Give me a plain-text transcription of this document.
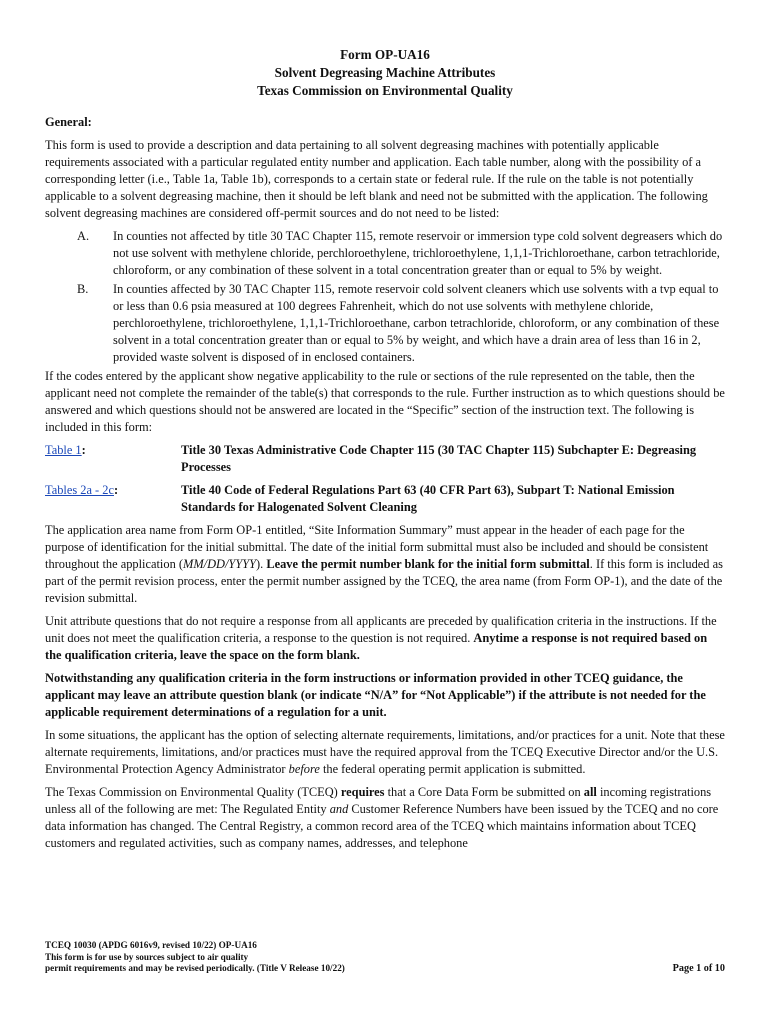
Form OP-UA16
Solvent Degreasing Machine Attributes
Texas Commission on Environmental Quality
General:

This form is used to provide a description and data pertaining to all solvent degreasing machines with potentially applicable requirements associated with a particular regulated entity number and application. Each table number, along with the possibility of a corresponding letter (i.e., Table 1a, Table 1b), corresponds to a certain state or federal rule. If the rule on the table is not potentially applicable to a solvent degreasing machine, then it should be left blank and need not be submitted with the application. The following solvent degreasing machines are considered off-permit sources and do not need to be listed:

A.	In counties not affected by title 30 TAC Chapter 115, remote reservoir or immersion type cold solvent degreasers which do not use solvent with methylene chloride, perchloroethylene, trichloroethylene, 1,1,1-Trichloroethane, carbon tetrachloride, chloroform, or any combination of these solvent in a total concentration greater than or equal to 5% by weight.
B.	In counties affected by 30 TAC Chapter 115, remote reservoir cold solvent cleaners which use solvents with a tvp equal to or less than 0.6 psia measured at 100 degrees Fahrenheit, which do not use solvents with methylene chloride, perchloroethylene, trichloroethylene, 1,1,1-Trichloroethane, carbon tetrachloride, chloroform, or any combination of these solvent in a total concentration greater than or equal to 5% by weight, and which have a drain area of less than 16 in 2, provided waste solvent is disposed of in enclosed containers.

If the codes entered by the applicant show negative applicability to the rule or sections of the rule represented on the table, then the applicant need not complete the remainder of the table(s) that corresponds to the rule. Further instruction as to which questions should be answered and which questions should not be answered are located in the “Specific” section of the instruction text. The following is included in this form:

Table 1:	Title 30 Texas Administrative Code Chapter 115 (30 TAC Chapter 115) Subchapter E: Degreasing Processes
Tables 2a - 2c:	Title 40 Code of Federal Regulations Part 63 (40 CFR Part 63), Subpart T: National Emission Standards for Halogenated Solvent Cleaning

The application area name from Form OP-1 entitled, “Site Information Summary” must appear in the header of each page for the purpose of identification for the initial submittal. The date of the initial form submittal must also be included and should be consistent throughout the application (MM/DD/YYYY). Leave the permit number blank for the initial form submittal. If this form is included as part of the permit revision process, enter the permit number assigned by the TCEQ, the area name (from Form OP-1), and the date of the revision submittal.

Unit attribute questions that do not require a response from all applicants are preceded by qualification criteria in the instructions. If the unit does not meet the qualification criteria, a response to the question is not required. Anytime a response is not required based on the qualification criteria, leave the space on the form blank.

Notwithstanding any qualification criteria in the form instructions or information provided in other TCEQ guidance, the applicant may leave an attribute question blank (or indicate “N/A” for “Not Applicable”) if the attribute is not needed for the applicable requirement determinations of a regulation for a unit.

In some situations, the applicant has the option of selecting alternate requirements, limitations, and/or practices for a unit. Note that these alternate requirements, limitations, and/or practices must have the required approval from the TCEQ Executive Director and/or the U.S. Environmental Protection Agency Administrator before the federal operating permit application is submitted.

The Texas Commission on Environmental Quality (TCEQ) requires that a Core Data Form be submitted on all incoming registrations unless all of the following are met: The Regulated Entity and Customer Reference Numbers have been issued by the TCEQ and no core data information has changed. The Central Registry, a common record area of the TCEQ which maintains information about TCEQ customers and regulated activities, such as company names, addresses, and telephone

TCEQ 10030 (APDG 6016v9, revised 10/22) OP-UA16
This form is for use by sources subject to air quality
permit requirements and may be revised periodically. (Title V Release 10/22)	Page 1 of 10
